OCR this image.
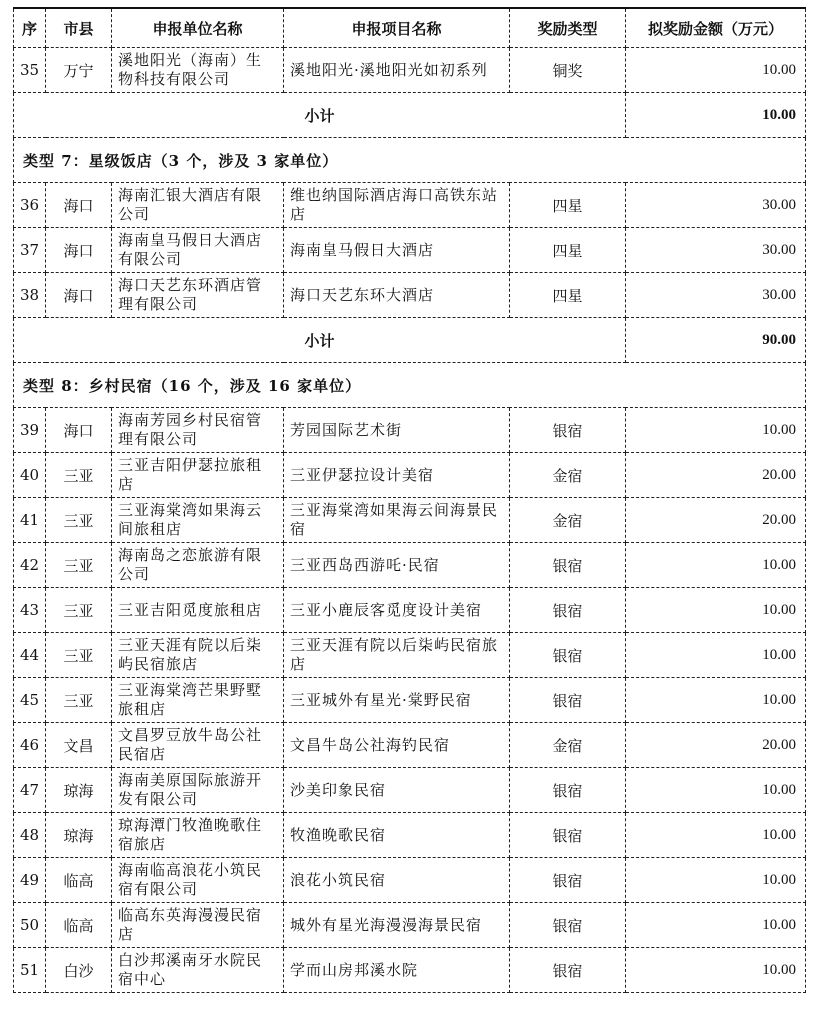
序	市县	申报单位名称	申报项目名称	奖励类型	拟奖励金额（万元）
35	万宁	溪地阳光（海南）生物科技有限公司	溪地阳光·溪地阳光如初系列	铜奖	10.00
小计					10.00
类型 7：星级饭店（3 个，涉及 3 家单位）					
36	海口	海南汇银大酒店有限公司	维也纳国际酒店海口高铁东站店	四星	30.00
37	海口	海南皇马假日大酒店有限公司	海南皇马假日大酒店	四星	30.00
38	海口	海口天艺东环酒店管理有限公司	海口天艺东环大酒店	四星	30.00
小计					90.00
类型 8：乡村民宿（16 个，涉及 16 家单位）					
39	海口	海南芳园乡村民宿管理有限公司	芳园国际艺术街	银宿	10.00
40	三亚	三亚吉阳伊瑟拉旅租店	三亚伊瑟拉设计美宿	金宿	20.00
41	三亚	三亚海棠湾如果海云间旅租店	三亚海棠湾如果海云间海景民宿	金宿	20.00
42	三亚	海南岛之恋旅游有限公司	三亚西岛西游吒·民宿	银宿	10.00
43	三亚	三亚吉阳觅度旅租店	三亚小鹿辰客觅度设计美宿	银宿	10.00
44	三亚	三亚天涯有院以后柒屿民宿旅店	三亚天涯有院以后柒屿民宿旅店	银宿	10.00
45	三亚	三亚海棠湾芒果野墅旅租店	三亚城外有星光·棠野民宿	银宿	10.00
46	文昌	文昌罗豆放牛岛公社民宿店	文昌牛岛公社海钓民宿	金宿	20.00
47	琼海	海南美原国际旅游开发有限公司	沙美印象民宿	银宿	10.00
48	琼海	琼海潭门牧渔晚歌住宿旅店	牧渔晚歌民宿	银宿	10.00
49	临高	海南临高浪花小筑民宿有限公司	浪花小筑民宿	银宿	10.00
50	临高	临高东英海漫漫民宿店	城外有星光海漫漫海景民宿	银宿	10.00
51	白沙	白沙邦溪南牙水院民宿中心	学而山房邦溪水院	银宿	10.00
